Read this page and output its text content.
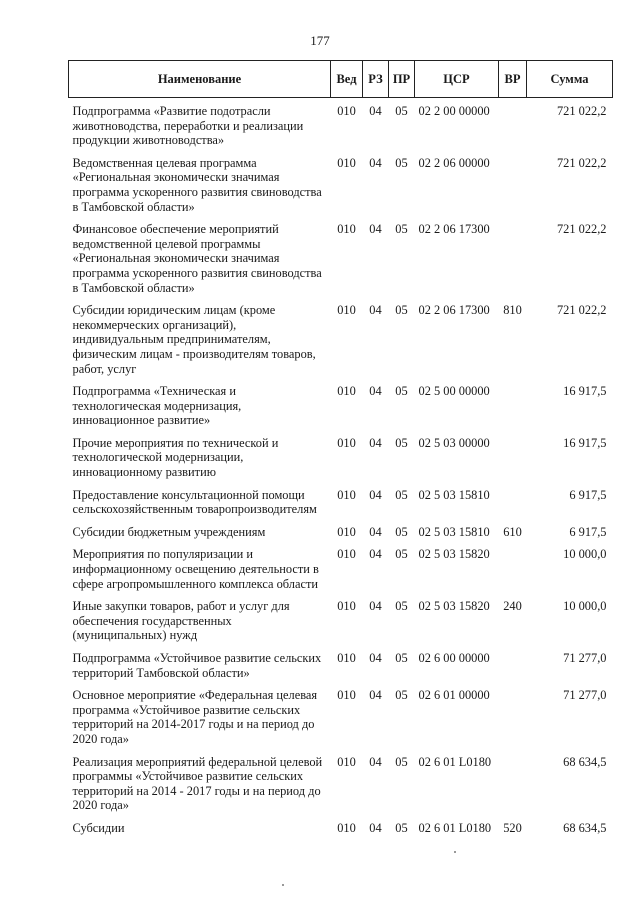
177
Наименование	Вед	РЗ	ПР	ЦСР	ВР	Сумма
Подпрограмма «Развитие подотрасли животноводства, переработки и реализации продукции животноводства»	010	04	05	02 2 00 00000		721 022,2
Ведомственная целевая программа «Региональная экономически значимая программа ускоренного развития свиноводства в Тамбовской области»	010	04	05	02 2 06 00000		721 022,2
Финансовое обеспечение мероприятий ведомственной целевой программы «Региональная экономически значимая программа ускоренного развития свиноводства в Тамбовской области»	010	04	05	02 2 06 17300		721 022,2
Субсидии юридическим лицам (кроме некоммерческих организаций), индивидуальным предпринимателям, физическим лицам - производителям товаров, работ, услуг	010	04	05	02 2 06 17300	810	721 022,2
Подпрограмма «Техническая и технологическая модернизация, инновационное развитие»	010	04	05	02 5 00 00000		16 917,5
Прочие мероприятия по технической и технологической модернизации, инновационному развитию	010	04	05	02 5 03 00000		16 917,5
Предоставление консультационной помощи сельскохозяйственным товаропроизводителям	010	04	05	02 5 03 15810		6 917,5
Субсидии бюджетным учреждениям	010	04	05	02 5 03 15810	610	6 917,5
Мероприятия по популяризации и информационному освещению деятельности в сфере агропромышленного комплекса области	010	04	05	02 5 03 15820		10 000,0
Иные закупки товаров, работ и услуг для обеспечения государственных (муниципальных) нужд	010	04	05	02 5 03 15820	240	10 000,0
Подпрограмма «Устойчивое развитие сельских территорий Тамбовской области»	010	04	05	02 6 00 00000		71 277,0
Основное мероприятие «Федеральная целевая программа «Устойчивое развитие сельских территорий на 2014-2017 годы и на период до 2020 года»	010	04	05	02 6 01 00000		71 277,0
Реализация мероприятий федеральной целевой программы «Устойчивое развитие сельских территорий на 2014 - 2017 годы и на период до 2020 года»	010	04	05	02 6 01 L0180		68 634,5
Субсидии	010	04	05	02 6 01 L0180	520	68 634,5
